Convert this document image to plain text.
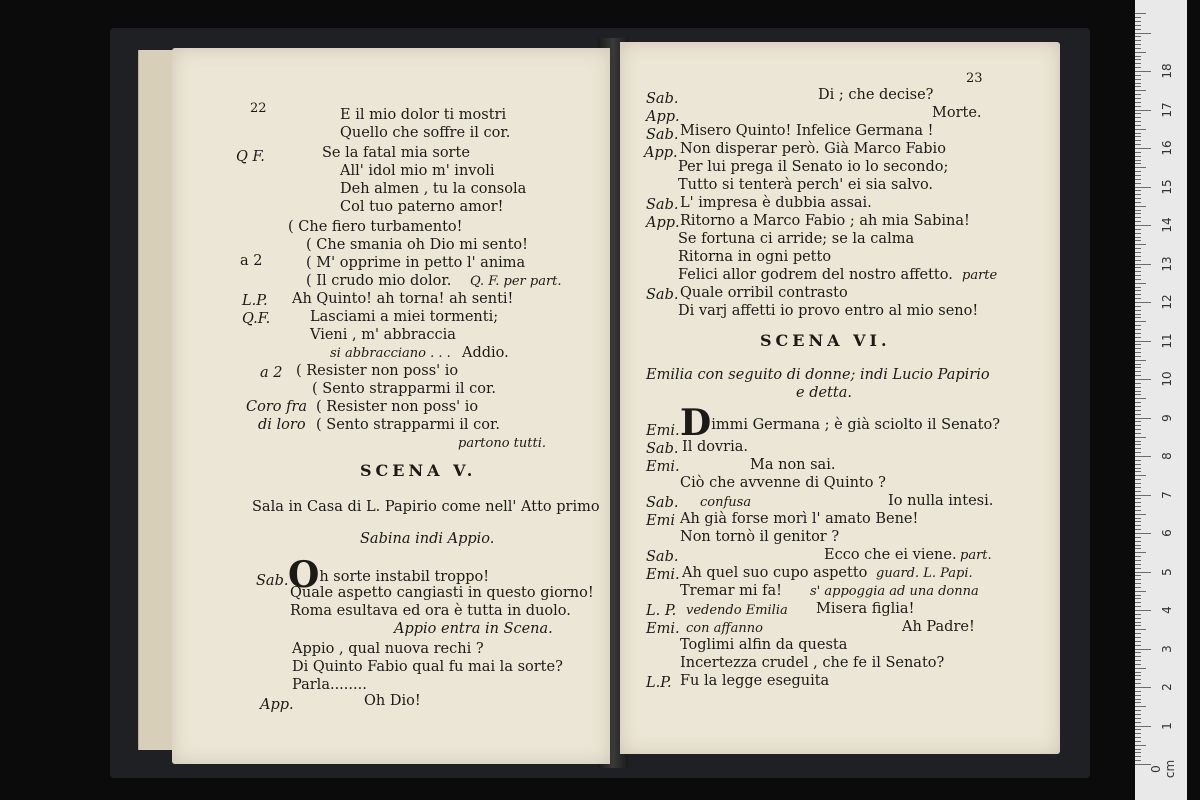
22	E il mio dolor ti mostri
Quello che soffre il cor.
Q F.	Se la fatal mia sorte
All' idol mio m' involi
Deh almen , tu la consola
Col tuo paterno amor!
( Che fiero turbamento!
( Che smania oh Dio mi sento!
a 2	( M' opprime in petto l' anima
( Il crudo mio dolor. Q. F. per part.
L.P. Ah Quinto! ah torna! ah senti!
Q.F.	Lasciami a miei tormenti;
Vieni , m' abbraccia
si abbracciano . . . Addio.
a 2 ( Resister non poss' io
( Sento strapparmi il cor.
Coro fra ( Resister non poss' io
di loro ( Sento strapparmi il cor.
partono tutti.
SCENA V.
Sala in Casa di L. Papirio come nell' Atto primo
Sabina indi Appio.
Sab. Oh sorte instabil troppo!
Quale aspetto cangiasti in questo giorno!
Roma esultava ed ora è tutta in duolo.
Appio entra in Scena.
Appio , qual nuova rechi ?
Di Quinto Fabio qual fu mai la sorte?
Parla........
App.	Oh Dio!
23
Sab.	Di ; che decise?
App.	Morte.
Sab. Misero Quinto! Infelice Germana !
App. Non disperar però. Già Marco Fabio
Per lui prega il Senato io lo secondo;
Tutto si tenterà perch' ei sia salvo.
Sab. L' impresa è dubbia assai.
App. Ritorno a Marco Fabio ; ah mia Sabina!
Se fortuna ci arride; se la calma
Ritorna in ogni petto
Felici allor godrem del nostro affetto. parte
Sab. Quale orribil contrasto
Di varj affetti io provo entro al mio seno!
SCENA VI.
Emilia con seguito di donne; indi Lucio Papirio
e detta.
Emi. Dimmi Germana ; è già sciolto il Senato?
Sab. Il dovria.
Emi.	Ma non sai.
Ciò che avvenne di Quinto ?
Sab. confusa	Io nulla intesi.
Emi Ah già forse morì l' amato Bene!
Non tornò il genitor ?
Sab.	Ecco che ei viene. part.
Emi. Ah quel suo cupo aspetto guard. L. Papi.
Tremar mi fa! s' appoggia ad una donna
L. P. vedendo Emilia Misera figlia!
Emi. con affanno	Ah Padre!
Toglimi alfin da questa
Incertezza crudel , che fe il Senato?
L.P. Fu la legge eseguita
0 cm
1
2
3
4
5
6
7
8
9
10
11
12
13
14
15
16
17
18
